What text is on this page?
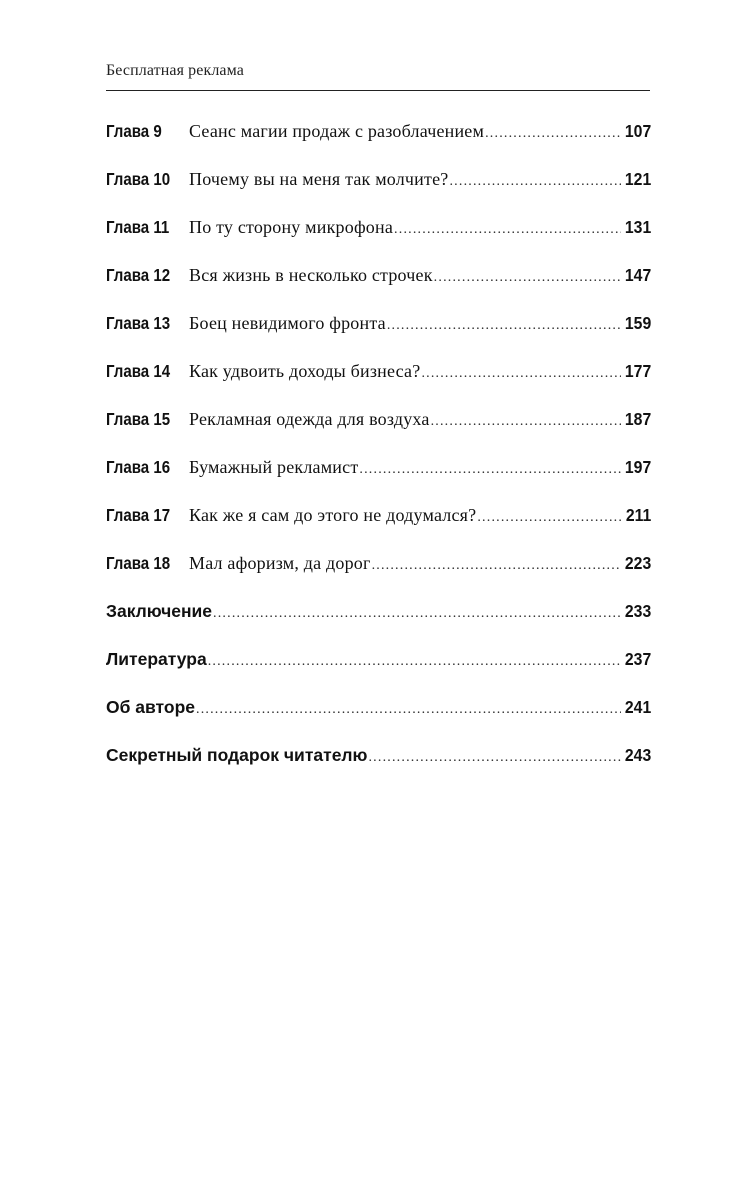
Бесплатная реклама
Глава 9	Сеанс магии продаж с разоблачением .....	107
Глава 10	Почему вы на меня так молчите? .....	121
Глава 11	По ту сторону микрофона .....	131
Глава 12	Вся жизнь в несколько строчек .....	147
Глава 13	Боец невидимого фронта .....	159
Глава 14	Как удвоить доходы бизнеса? .....	177
Глава 15	Рекламная одежда для воздуха .....	187
Глава 16	Бумажный рекламист .....	197
Глава 17	Как же я сам до этого не додумался? .....	211
Глава 18	Мал афоризм, да дорог .....	223
Заключение .....	233
Литература .....	237
Об авторе .....	241
Секретный подарок читателю .....	243
